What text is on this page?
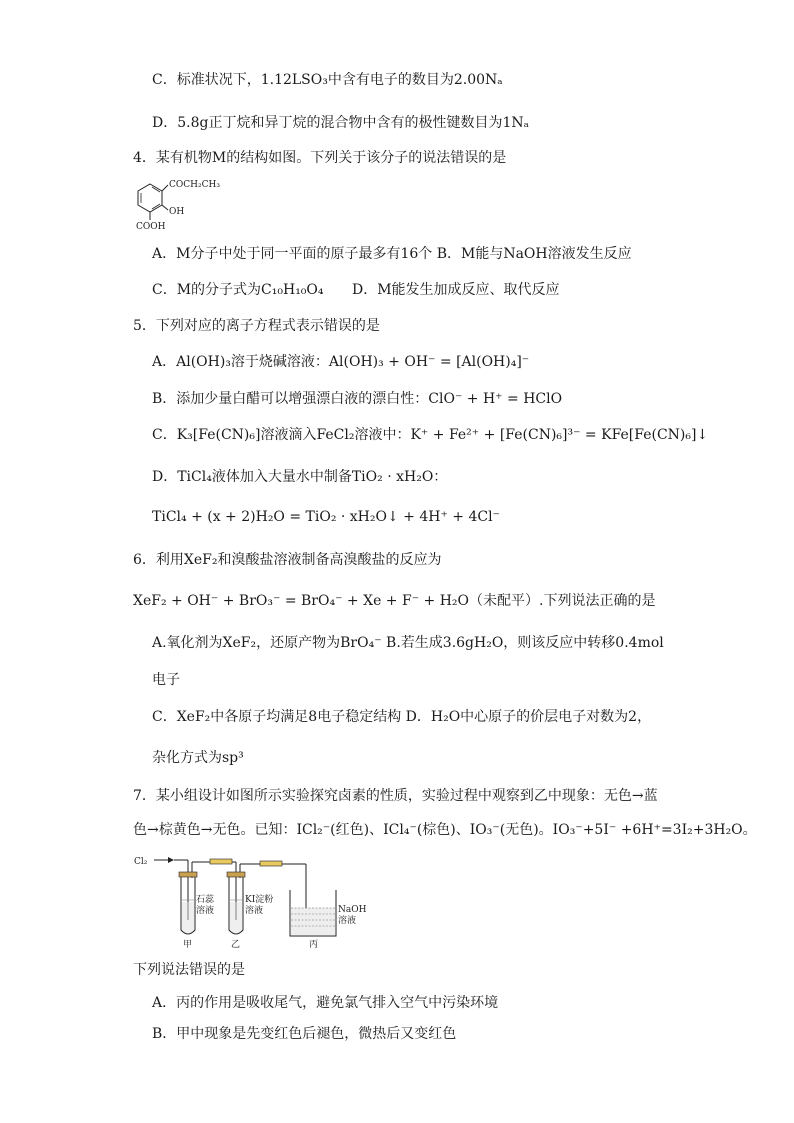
C．标准状况下，1.12LSO₃中含有电子的数目为2.00Nₐ
D．5.8g正丁烷和异丁烷的混合物中含有的极性键数目为1Nₐ
4．某有机物M的结构如图。下列关于该分子的说法错误的是
COCH₂CH₃
OH
COOH
A．M分子中处于同一平面的原子最多有16个 B．M能与NaOH溶液发生反应
C．M的分子式为C₁₀H₁₀O₄ D．M能发生加成反应、取代反应
5．下列对应的离子方程式表示错误的是
A．Al(OH)₃溶于烧碱溶液：Al(OH)₃ + OH⁻ = [Al(OH)₄]⁻
B．添加少量白醋可以增强漂白液的漂白性：ClO⁻ + H⁺ = HClO
C．K₃[Fe(CN)₆]溶液滴入FeCl₂溶液中：K⁺ + Fe²⁺ + [Fe(CN)₆]³⁻ = KFe[Fe(CN)₆]↓
D．TiCl₄液体加入大量水中制备TiO₂ · xH₂O：
TiCl₄ + (x + 2)H₂O = TiO₂ · xH₂O↓ + 4H⁺ + 4Cl⁻
6．利用XeF₂和溴酸盐溶液制备高溴酸盐的反应为
XeF₂ + OH⁻ + BrO₃⁻ = BrO₄⁻ + Xe + F⁻ + H₂O（未配平）.下列说法正确的是
A.氧化剂为XeF₂，还原产物为BrO₄⁻ B.若生成3.6gH₂O，则该反应中转移0.4mol
电子
C．XeF₂中各原子均满足8电子稳定结构 D．H₂O中心原子的价层电子对数为2，
杂化方式为sp³
7．某小组设计如图所示实验探究卤素的性质，实验过程中观察到乙中现象：无色→蓝
色→棕黄色→无色。已知：ICl₂⁻(红色)、ICl₄⁻(棕色)、IO₃⁻(无色)。IO₃⁻+5I⁻ +6H⁺=3I₂+3H₂O。
Cl₂
石蕊
溶液
甲
KI淀粉
溶液
乙
NaOH
溶液
丙
下列说法错误的是
A．丙的作用是吸收尾气，避免氯气排入空气中污染环境
B．甲中现象是先变红色后褪色，微热后又变红色
